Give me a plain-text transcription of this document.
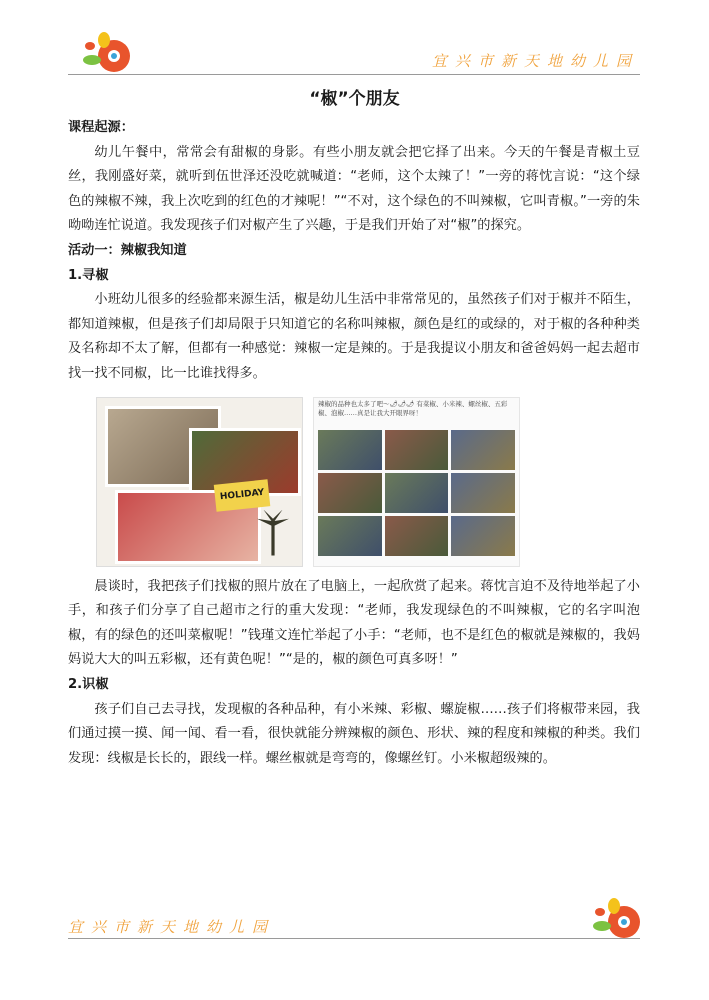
宜兴市新天地幼儿园
“椒”个朋友
课程起源：
幼儿午餐中，常常会有甜椒的身影。有些小朋友就会把它择了出来。今天的午餐是青椒土豆丝，我刚盛好菜，就听到伍世泽还没吃就喊道：“老师，这个太辣了！”一旁的蒋忱言说：“这个绿色的辣椒不辣，我上次吃到的红色的才辣呢！”“不对，这个绿色的不叫辣椒，它叫青椒。”一旁的朱呦呦连忙说道。我发现孩子们对椒产生了兴趣，于是我们开始了对“椒”的探究。
活动一：辣椒我知道
1.寻椒
小班幼儿很多的经验都来源生活，椒是幼儿生活中非常常见的，虽然孩子们对于椒并不陌生，都知道辣椒，但是孩子们却局限于只知道它的名称叫辣椒，颜色是红的或绿的，对于椒的各种种类及名称却不太了解，但都有一种感觉：辣椒一定是辣的。于是我提议小朋友和爸爸妈妈一起去超市找一找不同椒，比一比谁找得多。
HOLIDAY
辣椒的品种也太多了吧～🌶🌶🌶 有菜椒、小米辣、螺丝椒、五彩椒、泡椒……真是让我大开眼界呀！
晨谈时，我把孩子们找椒的照片放在了电脑上，一起欣赏了起来。蒋忱言迫不及待地举起了小手，和孩子们分享了自己超市之行的重大发现：“老师，我发现绿色的不叫辣椒，它的名字叫泡椒，有的绿色的还叫菜椒呢！”钱瑾文连忙举起了小手：“老师，也不是红色的椒就是辣椒的，我妈妈说大大的叫五彩椒，还有黄色呢！”“是的，椒的颜色可真多呀！”
2.识椒
孩子们自己去寻找，发现椒的各种品种，有小米辣、彩椒、螺旋椒……孩子们将椒带来园，我们通过摸一摸、闻一闻、看一看，很快就能分辨辣椒的颜色、形状、辣的程度和辣椒的种类。我们发现：线椒是长长的，跟线一样。螺丝椒就是弯弯的，像螺丝钉。小米椒超级辣的。
宜兴市新天地幼儿园
